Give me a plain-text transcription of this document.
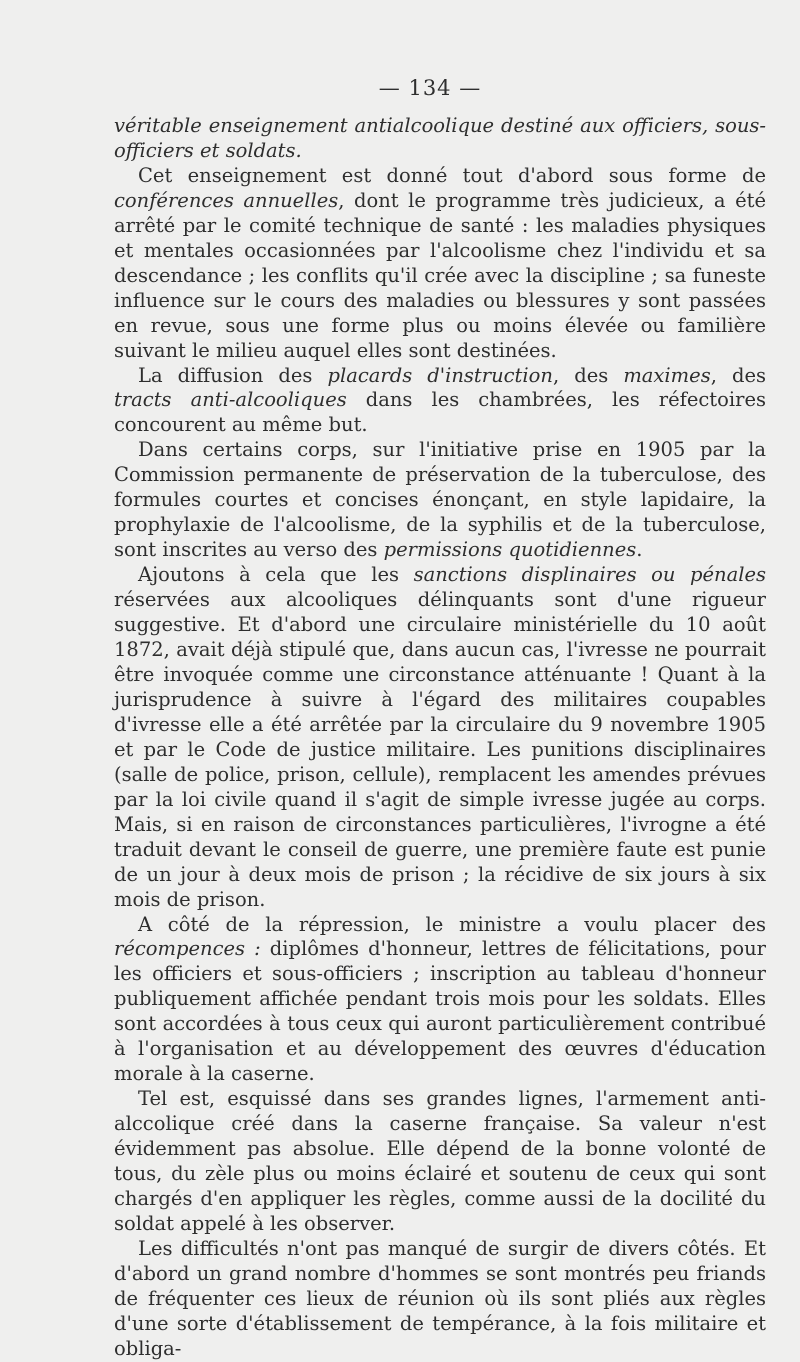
— 134 —

véritable enseignement antialcoolique destiné aux officiers, sous-officiers et soldats.

Cet enseignement est donné tout d'abord sous forme de conférences annuelles, dont le programme très judicieux, a été arrêté par le comité technique de santé : les maladies physiques et mentales occasionnées par l'alcoolisme chez l'individu et sa descendance ; les conflits qu'il crée avec la discipline ; sa funeste influence sur le cours des maladies ou blessures y sont passées en revue, sous une forme plus ou moins élevée ou familière suivant le milieu auquel elles sont destinées.

La diffusion des placards d'instruction, des maximes, des tracts anti-alcooliques dans les chambrées, les réfectoires concourent au même but.

Dans certains corps, sur l'initiative prise en 1905 par la Commission permanente de préservation de la tuberculose, des formules courtes et concises énonçant, en style lapidaire, la prophylaxie de l'alcoolisme, de la syphilis et de la tuberculose, sont inscrites au verso des permissions quotidiennes.

Ajoutons à cela que les sanctions displinaires ou pénales réservées aux alcooliques délinquants sont d'une rigueur suggestive. Et d'abord une circulaire ministérielle du 10 août 1872, avait déjà stipulé que, dans aucun cas, l'ivresse ne pourrait être invoquée comme une circonstance atténuante ! Quant à la jurisprudence à suivre à l'égard des militaires coupables d'ivresse elle a été arrêtée par la circulaire du 9 novembre 1905 et par le Code de justice militaire. Les punitions disciplinaires (salle de police, prison, cellule), remplacent les amendes prévues par la loi civile quand il s'agit de simple ivresse jugée au corps. Mais, si en raison de circonstances particulières, l'ivrogne a été traduit devant le conseil de guerre, une première faute est punie de un jour à deux mois de prison ; la récidive de six jours à six mois de prison.

A côté de la répression, le ministre a voulu placer des récompences : diplômes d'honneur, lettres de félicitations, pour les officiers et sous-officiers ; inscription au tableau d'honneur publiquement affichée pendant trois mois pour les soldats. Elles sont accordées à tous ceux qui auront particulièrement contribué à l'organisation et au développement des œuvres d'éducation morale à la caserne.

Tel est, esquissé dans ses grandes lignes, l'armement anti-alccolique créé dans la caserne française. Sa valeur n'est évidemment pas absolue. Elle dépend de la bonne volonté de tous, du zèle plus ou moins éclairé et soutenu de ceux qui sont chargés d'en appliquer les règles, comme aussi de la docilité du soldat appelé à les observer.

Les difficultés n'ont pas manqué de surgir de divers côtés. Et d'abord un grand nombre d'hommes se sont montrés peu friands de fréquenter ces lieux de réunion où ils sont pliés aux règles d'une sorte d'établissement de tempérance, à la fois militaire et obliga-
